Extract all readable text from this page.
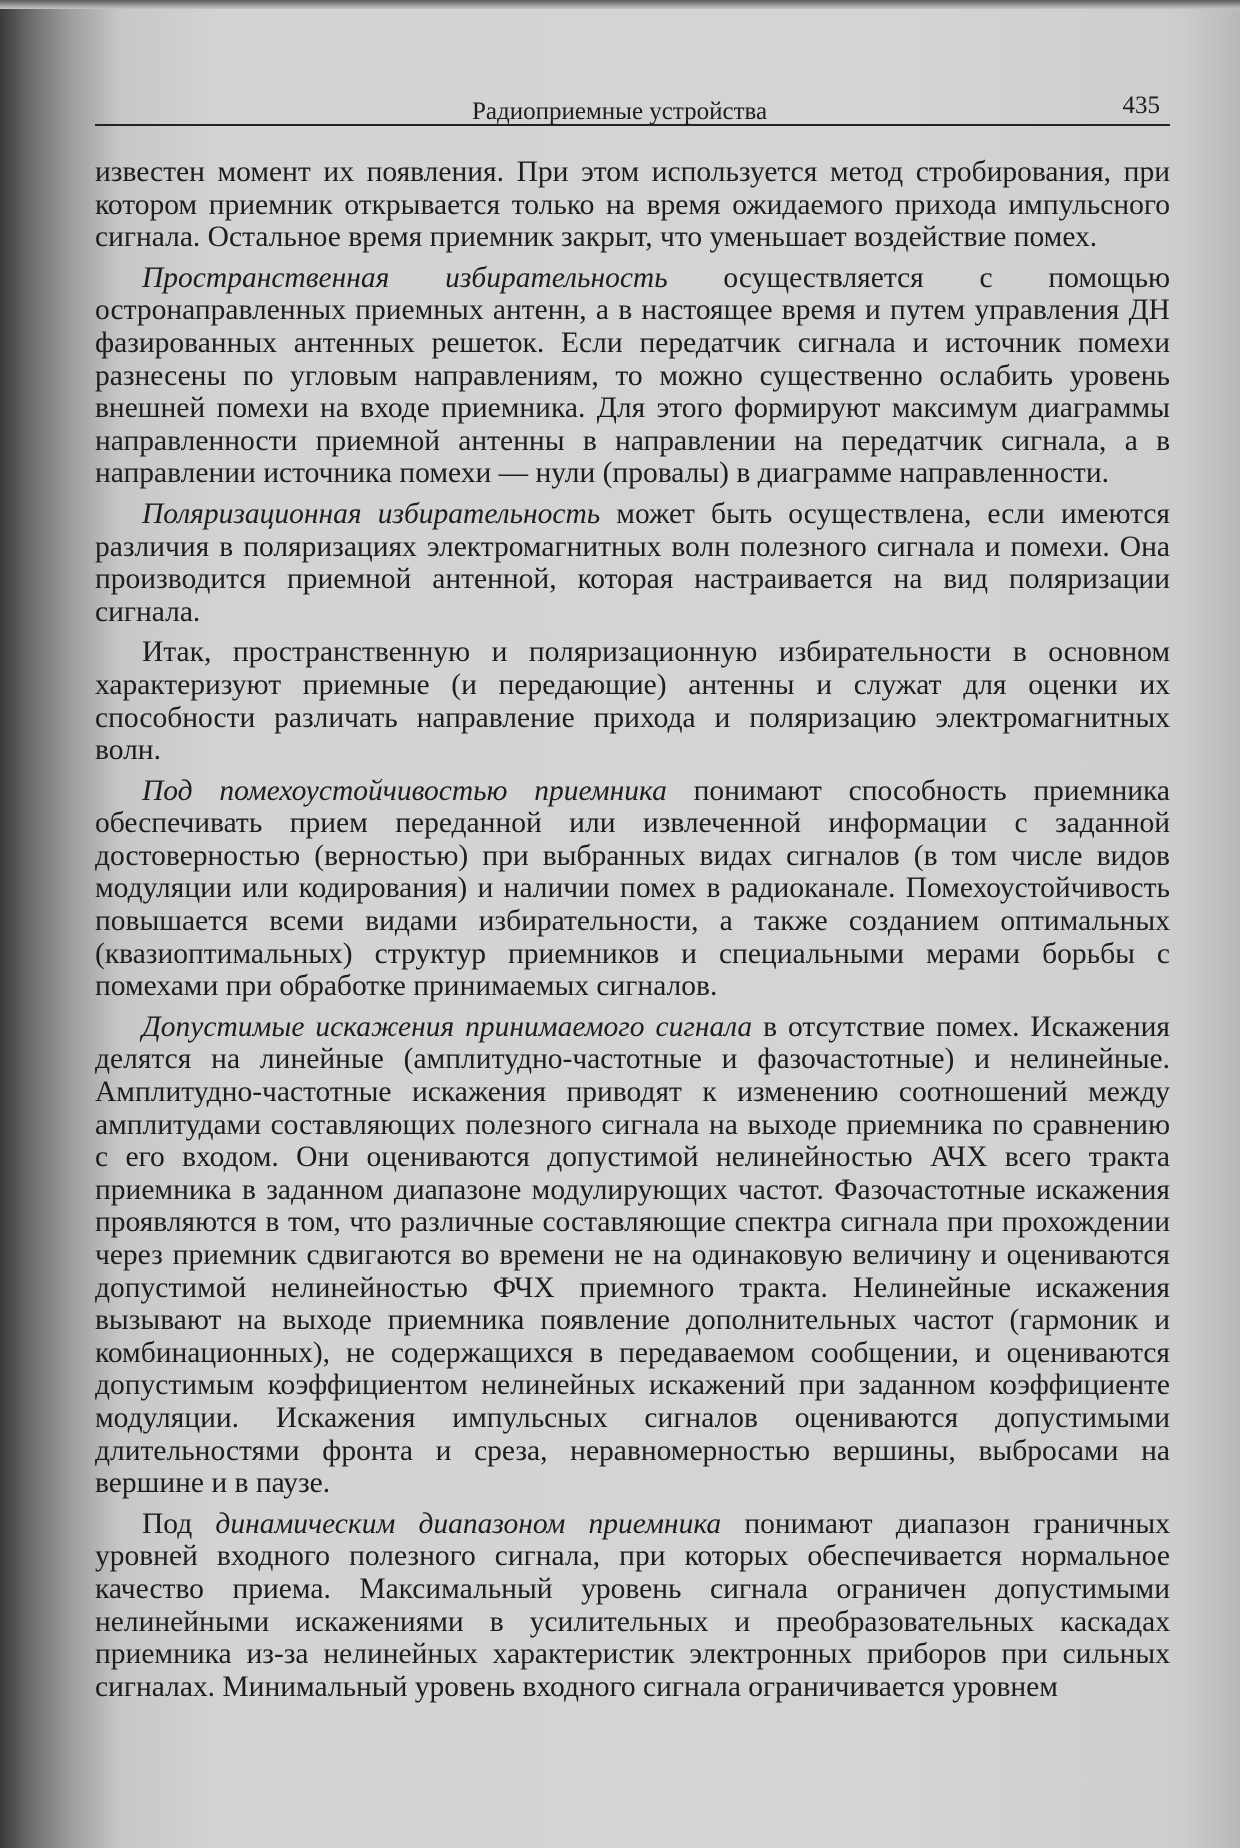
Радиоприемные устройства	435

известен момент их появления. При этом используется метод стробирования, при котором приемник открывается только на время ожидаемого прихода импульсного сигнала. Остальное время приемник закрыт, что уменьшает воздействие помех.

Пространственная избирательность осуществляется с помощью остронаправленных приемных антенн, а в настоящее время и путем управления ДН фазированных антенных решеток. Если передатчик сигнала и источник помехи разнесены по угловым направлениям, то можно существенно ослабить уровень внешней помехи на входе приемника. Для этого формируют максимум диаграммы направленности приемной антенны в направлении на передатчик сигнала, а в направлении источника помехи — нули (провалы) в диаграмме направленности.

Поляризационная избирательность может быть осуществлена, если имеются различия в поляризациях электромагнитных волн полезного сигнала и помехи. Она производится приемной антенной, которая настраивается на вид поляризации сигнала.

Итак, пространственную и поляризационную избирательности в основном характеризуют приемные (и передающие) антенны и служат для оценки их способности различать направление прихода и поляризацию электромагнитных волн.

Под помехоустойчивостью приемника понимают способность приемника обеспечивать прием переданной или извлеченной информации с заданной достоверностью (верностью) при выбранных видах сигналов (в том числе видов модуляции или кодирования) и наличии помех в радиоканале. Помехоустойчивость повышается всеми видами избирательности, а также созданием оптимальных (квазиоптимальных) структур приемников и специальными мерами борьбы с помехами при обработке принимаемых сигналов.

Допустимые искажения принимаемого сигнала в отсутствие помех. Искажения делятся на линейные (амплитудно-частотные и фазочастотные) и нелинейные. Амплитудно-частотные искажения приводят к изменению соотношений между амплитудами составляющих полезного сигнала на выходе приемника по сравнению с его входом. Они оцениваются допустимой нелинейностью АЧХ всего тракта приемника в заданном диапазоне модулирующих частот. Фазочастотные искажения проявляются в том, что различные составляющие спектра сигнала при прохождении через приемник сдвигаются во времени не на одинаковую величину и оцениваются допустимой нелинейностью ФЧХ приемного тракта. Нелинейные искажения вызывают на выходе приемника появление дополнительных частот (гармоник и комбинационных), не содержащихся в передаваемом сообщении, и оцениваются допустимым коэффициентом нелинейных искажений при заданном коэффициенте модуляции. Искажения импульсных сигналов оцениваются допустимыми длительностями фронта и среза, неравномерностью вершины, выбросами на вершине и в паузе.

Под динамическим диапазоном приемника понимают диапазон граничных уровней входного полезного сигнала, при которых обеспечивается нормальное качество приема. Максимальный уровень сигнала ограничен допустимыми нелинейными искажениями в усилительных и преобразовательных каскадах приемника из-за нелинейных характеристик электронных приборов при сильных сигналах. Минимальный уровень входного сигнала ограничивается уровнем
